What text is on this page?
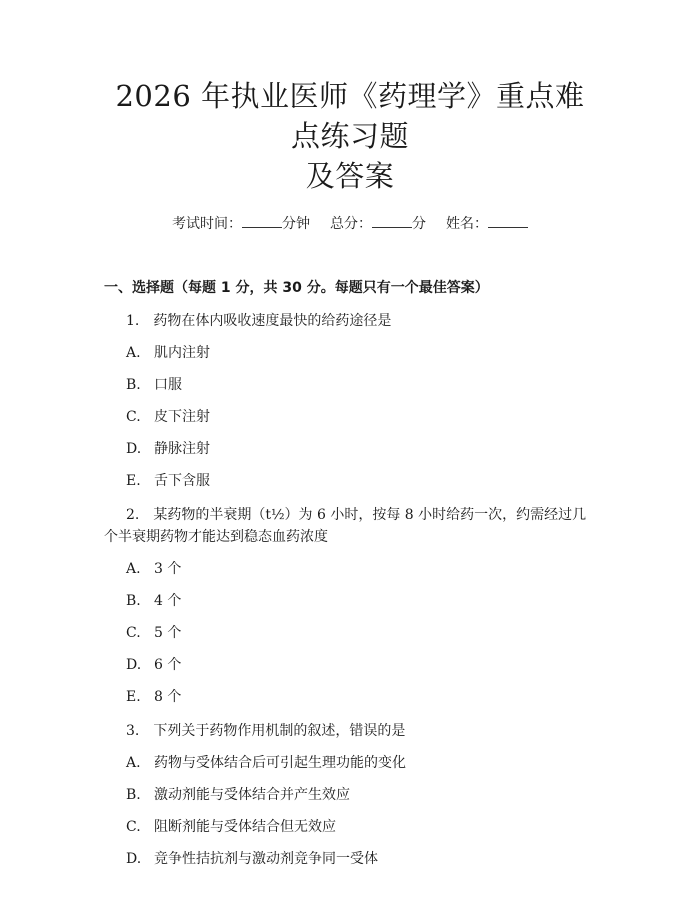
2026 年执业医师《药理学》重点难点练习题
及答案
考试时间：	分钟 总分：	分 姓名：
一、选择题（每题 1 分，共 30 分。每题只有一个最佳答案）
1. 药物在体内吸收速度最快的给药途径是
A. 肌内注射
B. 口服
C. 皮下注射
D. 静脉注射
E. 舌下含服
2. 某药物的半衰期（t½）为 6 小时，按每 8 小时给药一次，约需经过几个半衰期药物才能达到稳态血药浓度
A. 3 个
B. 4 个
C. 5 个
D. 6 个
E. 8 个
3. 下列关于药物作用机制的叙述，错误的是
A. 药物与受体结合后可引起生理功能的变化
B. 激动剂能与受体结合并产生效应
C. 阻断剂能与受体结合但无效应
D. 竞争性拮抗剂与激动剂竞争同一受体
